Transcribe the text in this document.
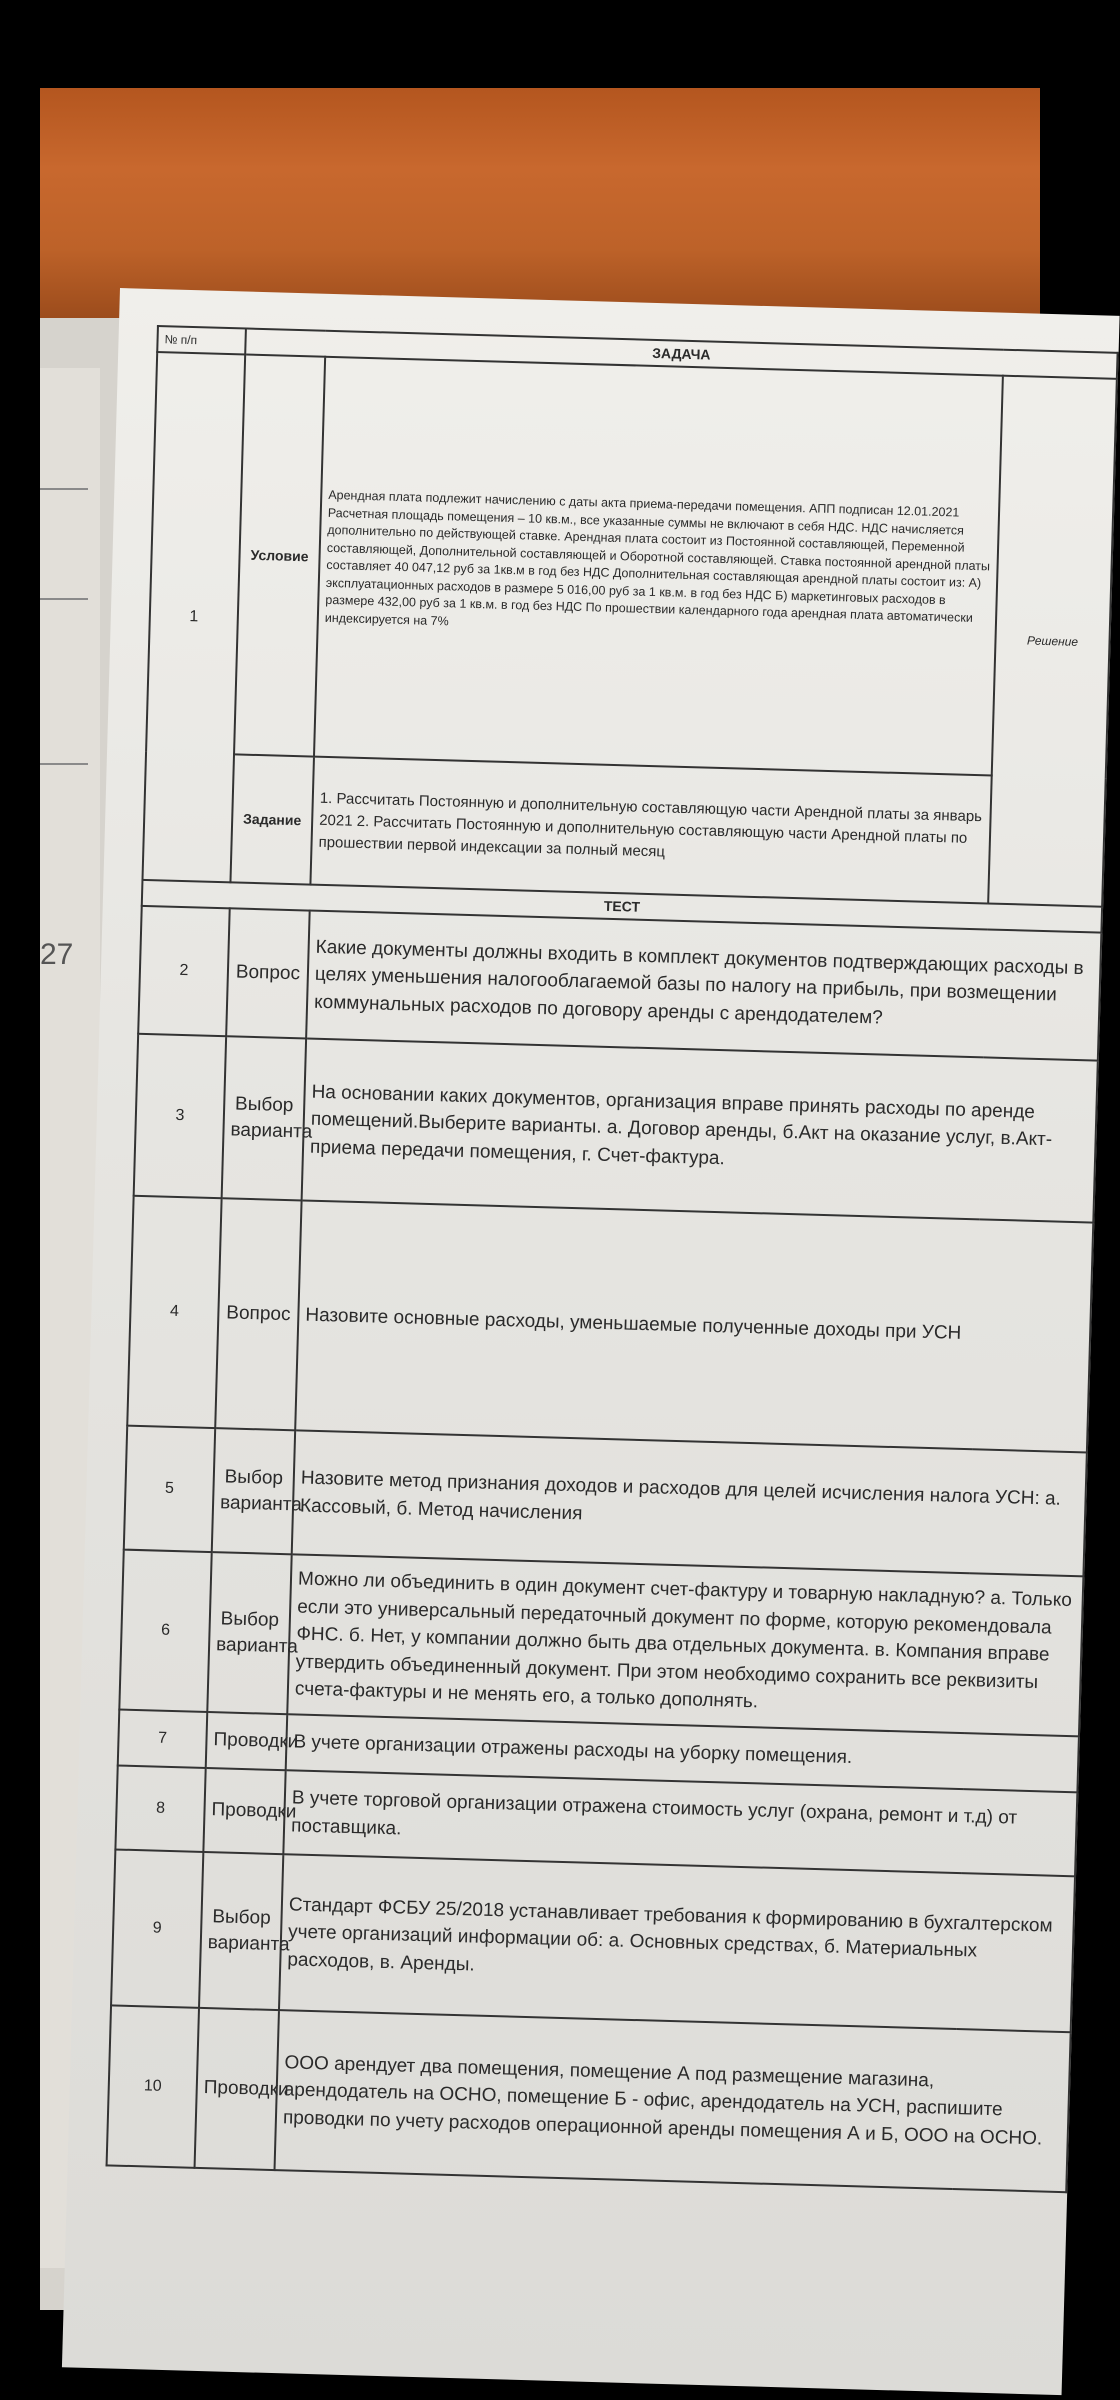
27
№ п/п	ЗАДАЧА		
1	Условие	Арендная плата подлежит начислению с даты акта приема-передачи помещения. АПП подписан 12.01.2021 Расчетная площадь помещения – 10 кв.м., все указанные суммы не включают в себя НДС. НДС начисляется дополнительно по действующей ставке. Арендная плата состоит из Постоянной составляющей, Переменной составляющей, Дополнительной составляющей и Оборотной составляющей. Ставка постоянной арендной платы составляет 40 047,12 руб за 1кв.м в год без НДС Дополнительная составляющая арендной платы состоит из: А) эксплуатационных расходов в размере 5 016,00 руб за 1 кв.м. в год без НДС Б) маркетинговых расходов в размере 432,00 руб за 1 кв.м. в год без НДС По прошествии календарного года арендная плата автоматически индексируется на 7%	Решение
	Задание	1. Рассчитать Постоянную и дополнительную составляющую части Арендной платы за январь 2021 2. Рассчитать Постоянную и дополнительную составляющую части Арендной платы по прошествии первой индексации за полный месяц	
ТЕСТ			
2	Вопрос	Какие документы должны входить в комплект документов подтверждающих расходы в целях уменьшения налогооблагаемой базы по налогу на прибыль, при возмещении коммунальных расходов по договору аренды с арендодателем?	
3	Выбор варианта	На основании каких документов, организация вправе принять расходы по аренде помещений.Выберите варианты. а. Договор аренды, б.Акт на оказание услуг, в.Акт-приема передачи помещения, г. Счет-фактура.	
4	Вопрос	Назовите основные расходы, уменьшаемые полученные доходы при УСН	
5	Выбор варианта	Назовите метод признания доходов и расходов для целей исчисления налога УСН: а. Кассовый, б. Метод начисления	
6	Выбор варианта	Можно ли объединить в один документ счет-фактуру и товарную накладную? а. Только если это универсальный передаточный документ по форме, которую рекомендовала ФНС. б. Нет, у компании должно быть два отдельных документа. в. Компания вправе утвердить объединенный документ. При этом необходимо сохранить все реквизиты счета-фактуры и не менять его, а только дополнять.	
7	Проводки	В учете организации отражены расходы на уборку помещения.	
8	Проводки	В учете торговой организации отражена стоимость услуг (охрана, ремонт и т.д) от поставщика.	
9	Выбор варианта	Стандарт ФСБУ 25/2018 устанавливает требования к формированию в бухгалтерском учете организаций информации об: а. Основных средствах, б. Материальных расходов, в. Аренды.	
10	Проводки	ООО арендует два помещения, помещение А под размещение магазина, арендодатель на ОСНО, помещение Б - офис, арендодатель на УСН, распишите проводки по учету расходов операционной аренды помещения А и Б, ООО на ОСНО.	
